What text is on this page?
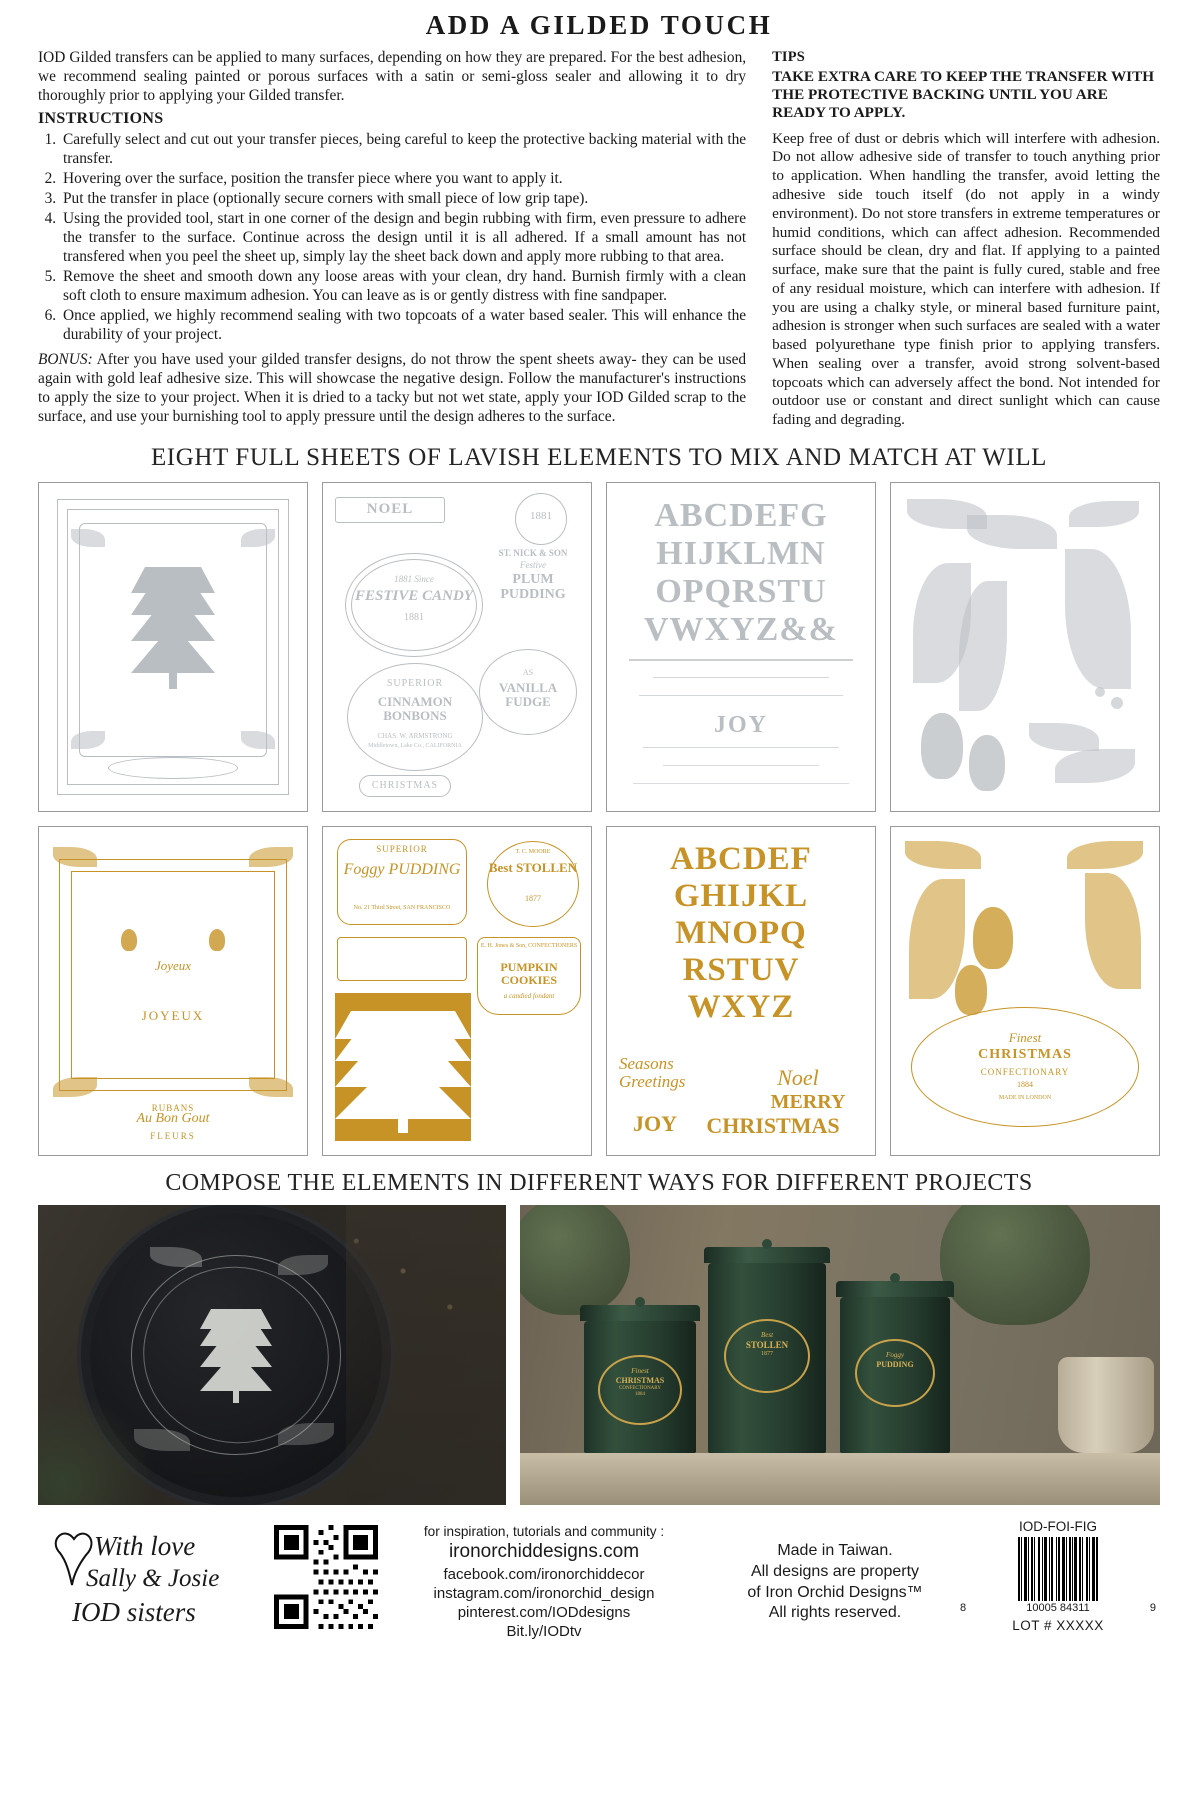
ADD A GILDED TOUCH
IOD Gilded transfers can be applied to many surfaces, depending on how they are prepared. For the best adhesion, we recommend sealing painted or porous surfaces with a satin or semi-gloss sealer and allowing it to dry thoroughly prior to applying your Gilded transfer.
INSTRUCTIONS
1. Carefully select and cut out your transfer pieces, being careful to keep the protective backing material with the transfer.
2. Hovering over the surface, position the transfer piece where you want to apply it.
3. Put the transfer in place (optionally secure corners with small piece of low grip tape).
4. Using the provided tool, start in one corner of the design and begin rubbing with firm, even pressure to adhere the transfer to the surface. Continue across the design until it is all adhered. If a small amount has not transfered when you peel the sheet up, simply lay the sheet back down and apply more rubbing to that area.
5. Remove the sheet and smooth down any loose areas with your clean, dry hand. Burnish firmly with a clean soft cloth to ensure maximum adhesion. You can leave as is or gently distress with fine sandpaper.
6. Once applied, we highly recommend sealing with two topcoats of a water based sealer. This will enhance the durability of your project.
BONUS: After you have used your gilded transfer designs, do not throw the spent sheets away- they can be used again with gold leaf adhesive size. This will showcase the negative design. Follow the manufacturer's instructions to apply the size to your project. When it is dried to a tacky but not wet state, apply your IOD Gilded scrap to the surface, and use your burnishing tool to apply pressure until the design adheres to the surface.
TIPS
TAKE EXTRA CARE TO KEEP THE TRANSFER WITH THE PROTECTIVE BACKING UNTIL YOU ARE READY TO APPLY.
Keep free of dust or debris which will interfere with adhesion. Do not allow adhesive side of transfer to touch anything prior to application. When handling the transfer, avoid letting the adhesive side touch itself (do not apply in a windy environment). Do not store transfers in extreme temperatures or humid conditions, which can affect adhesion. Recommended surface should be clean, dry and flat. If applying to a painted surface, make sure that the paint is fully cured, stable and free of any residual moisture, which can interfere with adhesion. If you are using a chalky style, or mineral based furniture paint, adhesion is stronger when such surfaces are sealed with a water based polyurethane type finish prior to applying transfers. When sealing over a transfer, avoid strong solvent-based topcoats which can adversely affect the bond. Not intended for outdoor use or constant and direct sunlight which can cause fading and degrading.
EIGHT FULL SHEETS OF LAVISH ELEMENTS TO MIX AND MATCH AT WILL
NOEL	1881
ST. NICK & SON
Festive
PLUM PUDDING
1881 Since
FESTIVE CANDY
1881
SUPERIOR
CINNAMON BONBONS
CHAS. W. ARMSTRONG
Middletown, Lake Co., CALIFORNIA
AS
VANILLA FUDGE
CHRISTMAS
ABCDEFG
HIJKLMN
OPQRSTU
VWXYZ&&
JOY
Joyeux
JOYEUX
RUBANS
Au Bon Gout
FLEURS
SUPERIOR
Foggy PUDDING
No. 21 Third Street, SAN FRANCISCO
T. C. MOORE
Best STOLLEN
1877
E. H. Jones & Son, CONFECTIONERS
PUMPKIN COOKIES
a candied fondant
ABCDEF
GHIJKL
MNOPQ
RSTUV
WXYZ
Seasons Greetings	Noel
JOY
MERRY
CHRISTMAS
Finest
CHRISTMAS
CONFECTIONARY
1884
MADE IN LONDON
COMPOSE THE ELEMENTS IN DIFFERENT WAYS FOR DIFFERENT PROJECTS
Finest
CHRISTMAS
CONFECTIONARY
1884
Best
STOLLEN
1877	Foggy
PUDDING
With love
Sally & Josie
IOD sisters
for inspiration, tutorials and community :
ironorchiddesigns.com
facebook.com/ironorchiddecor
instagram.com/ironorchid_design
pinterest.com/IODdesigns
Bit.ly/IODtv
Made in Taiwan.
All designs are property
of Iron Orchid Designs™
All rights reserved.
IOD-FOI-FIG
8	10005 84311	9
LOT # XXXXX
